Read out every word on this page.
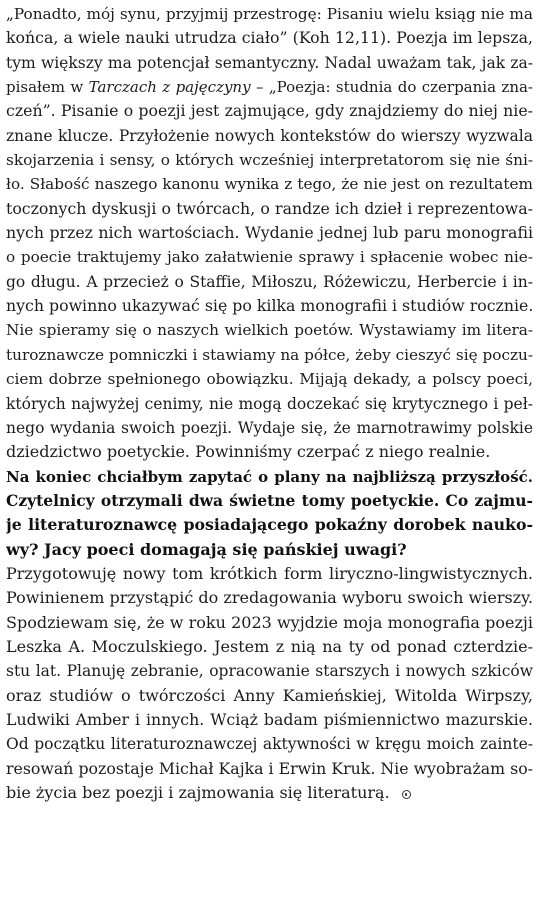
„Ponadto, mój synu, przyjmij przestrogę: Pisaniu wielu ksiąg nie ma
końca, a wiele nauki utrudza ciało” (Koh 12,11). Poezja im lepsza,
tym większy ma potencjał semantyczny. Nadal uważam tak, jak za-
pisałem w Tarczach z pajęczyny – „Poezja: studnia do czerpania zna-
czeń”. Pisanie o poezji jest zajmujące, gdy znajdziemy do niej nie-
znane klucze. Przyłożenie nowych kontekstów do wierszy wyzwala
skojarzenia i sensy, o których wcześniej interpretatorom się nie śni-
ło. Słabość naszego kanonu wynika z tego, że nie jest on rezultatem
toczonych dyskusji o twórcach, o randze ich dzieł i reprezentowa-
nych przez nich wartościach. Wydanie jednej lub paru monografii
o poecie traktujemy jako załatwienie sprawy i spłacenie wobec nie-
go długu. A przecież o Staffie, Miłoszu, Różewiczu, Herbercie i in-
nych powinno ukazywać się po kilka monografii i studiów rocznie.
Nie spieramy się o naszych wielkich poetów. Wystawiamy im litera-
turoznawcze pomniczki i stawiamy na półce, żeby cieszyć się poczu-
ciem dobrze spełnionego obowiązku. Mijają dekady, a polscy poeci,
których najwyżej cenimy, nie mogą doczekać się krytycznego i peł-
nego wydania swoich poezji. Wydaje się, że marnotrawimy polskie
dziedzictwo poetyckie. Powinniśmy czerpać z niego realnie.
Na koniec chciałbym zapytać o plany na najbliższą przyszłość.
Czytelnicy otrzymali dwa świetne tomy poetyckie. Co zajmu-
je literaturoznawcę posiadającego pokaźny dorobek nauko-
wy? Jacy poeci domagają się pańskiej uwagi?
Przygotowuję nowy tom krótkich form liryczno-lingwistycznych.
Powinienem przystąpić do zredagowania wyboru swoich wierszy.
Spodziewam się, że w roku 2023 wyjdzie moja monografia poezji
Leszka A. Moczulskiego. Jestem z nią na ty od ponad czterdzie-
stu lat. Planuję zebranie, opracowanie starszych i nowych szkiców
oraz studiów o twórczości Anny Kamieńskiej, Witolda Wirpszy,
Ludwiki Amber i innych. Wciąż badam piśmiennictwo mazurskie.
Od początku literaturoznawczej aktywności w kręgu moich zainte-
resowań pozostaje Michał Kajka i Erwin Kruk. Nie wyobrażam so-
bie życia bez poezji i zajmowania się literaturą.
